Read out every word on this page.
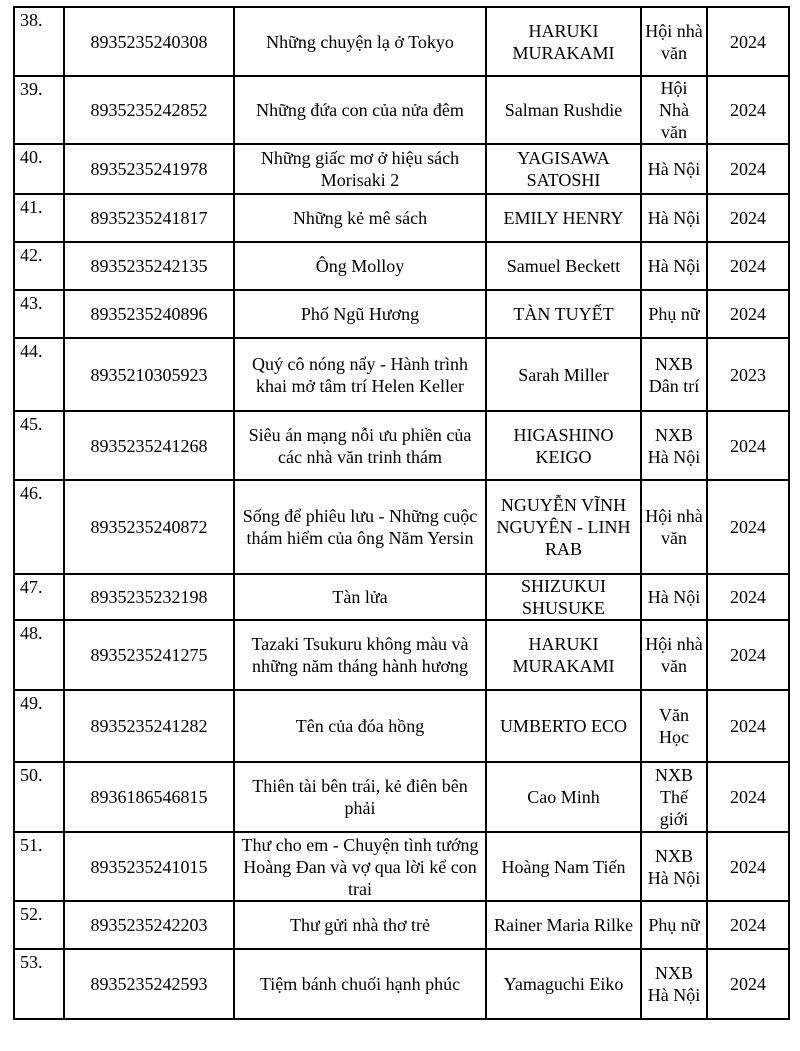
38.	8935235240308	Những chuyện lạ ở Tokyo	HARUKI MURAKAMI	Hội nhà văn	2024
39.	8935235242852	Những đứa con của nửa đêm	Salman Rushdie	Hội Nhà văn	2024
40.	8935235241978	Những giấc mơ ở hiệu sách Morisaki 2	YAGISAWA SATOSHI	Hà Nội	2024
41.	8935235241817	Những kẻ mê sách	EMILY HENRY	Hà Nội	2024
42.	8935235242135	Ông Molloy	Samuel Beckett	Hà Nội	2024
43.	8935235240896	Phố Ngũ Hương	TÀN TUYẾT	Phụ nữ	2024
44.	8935210305923	Quý cô nóng nẩy - Hành trình khai mở tâm trí Helen Keller	Sarah Miller	NXB Dân trí	2023
45.	8935235241268	Siêu án mạng nỗi ưu phiền của các nhà văn trinh thám	HIGASHINO KEIGO	NXB Hà Nội	2024
46.	8935235240872	Sống để phiêu lưu - Những cuộc thám hiểm của ông Năm Yersin	NGUYỄN VĨNH NGUYÊN - LINH RAB	Hội nhà văn	2024
47.	8935235232198	Tàn lửa	SHIZUKUI SHUSUKE	Hà Nội	2024
48.	8935235241275	Tazaki Tsukuru không màu và những năm tháng hành hương	HARUKI MURAKAMI	Hội nhà văn	2024
49.	8935235241282	Tên của đóa hồng	UMBERTO ECO	Văn Học	2024
50.	8936186546815	Thiên tài bên trái, kẻ điên bên phải	Cao Minh	NXB Thế giới	2024
51.	8935235241015	Thư cho em - Chuyện tình tướng Hoàng Đan và vợ qua lời kể con trai	Hoàng Nam Tiến	NXB Hà Nội	2024
52.	8935235242203	Thư gửi nhà thơ trẻ	Rainer Maria Rilke	Phụ nữ	2024
53.	8935235242593	Tiệm bánh chuối hạnh phúc	Yamaguchi Eiko	NXB Hà Nội	2024
